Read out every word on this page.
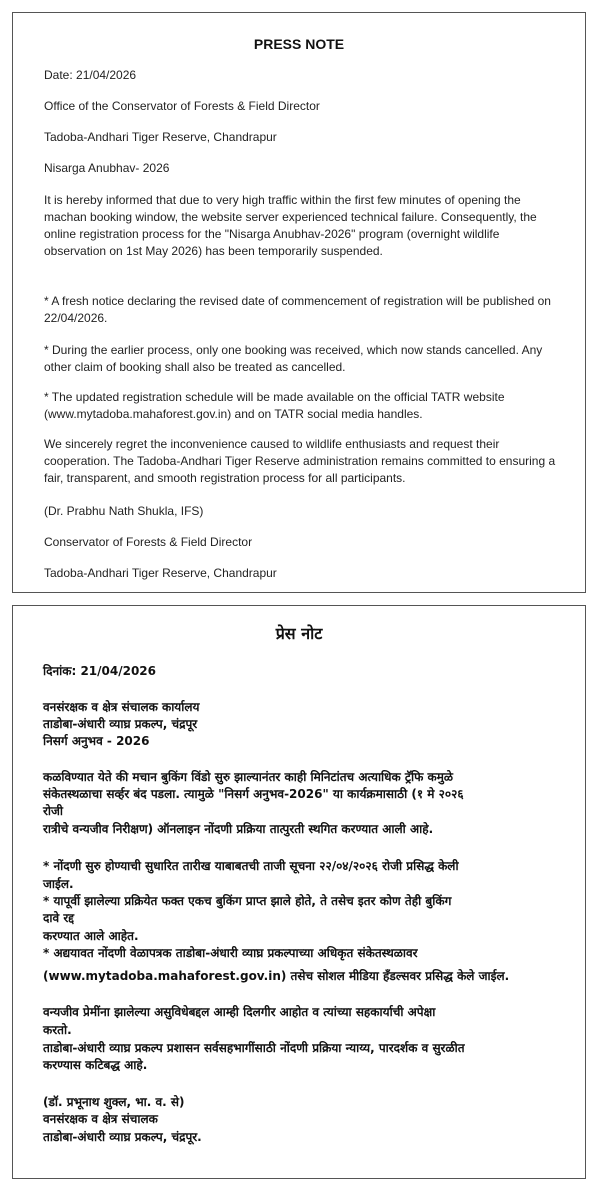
PRESS NOTE
Date: 21/04/2026
Office of the Conservator of Forests & Field Director
Tadoba-Andhari Tiger Reserve, Chandrapur
Nisarga Anubhav- 2026
It is hereby informed that due to very high traffic within the first few minutes of opening the machan booking window, the website server experienced technical failure. Consequently, the online registration process for the "Nisarga Anubhav-2026" program (overnight wildlife observation on 1st May 2026) has been temporarily suspended.
* A fresh notice declaring the revised date of commencement of registration will be published on 22/04/2026.
* During the earlier process, only one booking was received, which now stands cancelled. Any other claim of booking shall also be treated as cancelled.
* The updated registration schedule will be made available on the official TATR website (www.mytadoba.mahaforest.gov.in) and on TATR social media handles.
We sincerely regret the inconvenience caused to wildlife enthusiasts and request their cooperation. The Tadoba-Andhari Tiger Reserve administration remains committed to ensuring a fair, transparent, and smooth registration process for all participants.
(Dr. Prabhu Nath Shukla, IFS)
Conservator of Forests & Field Director
Tadoba-Andhari Tiger Reserve, Chandrapur
प्रेस नोट
दिनांक: 21/04/2026
वनसंरक्षक व क्षेत्र संचालक कार्यालय
ताडोबा-अंधारी व्याघ्र प्रकल्प, चंद्रपूर
निसर्ग अनुभव - 2026
कळविण्यात येते की मचान बुकिंग विंडो सुरु झाल्यानंतर काही मिनिटांतच अत्याधिक ट्रॅफि कमुळे
संकेतस्थळाचा सर्व्हर बंद पडला. त्यामुळे "निसर्ग अनुभव-2026" या कार्यक्रमासाठी (१ मे २०२६
रोजी
रात्रीचे वन्यजीव निरीक्षण) ऑनलाइन नोंदणी प्रक्रिया तात्पुरती स्थगित करण्यात आली आहे.
* नोंदणी सुरु होण्याची सुधारित तारीख याबाबतची ताजी सूचना २२/०४/२०२६ रोजी प्रसिद्ध केली
जाईल.
* यापूर्वी झालेल्या प्रक्रियेत फक्त एकच बुकिंग प्राप्त झाले होते, ते तसेच इतर कोण तेही बुकिंग
दावे रद्द
करण्यात आले आहेत.
* अद्ययावत नोंदणी वेळापत्रक ताडोबा-अंधारी व्याघ्र प्रकल्पाच्या अधिकृत संकेतस्थळावर
(www.mytadoba.mahaforest.gov.in) तसेच सोशल मीडिया हॅंडल्सवर प्रसिद्ध केले जाईल.
वन्यजीव प्रेमींना झालेल्या असुविधेबद्दल आम्ही दिलगीर आहोत व त्यांच्या सहकार्याची अपेक्षा
करतो.
ताडोबा-अंधारी व्याघ्र प्रकल्प प्रशासन सर्वसहभागींसाठी नोंदणी प्रक्रिया न्याय्य, पारदर्शक व सुरळीत
करण्यास कटिबद्ध आहे.
(डॉ. प्रभूनाथ शुक्ल, भा. व. से)
वनसंरक्षक व क्षेत्र संचालक
ताडोबा-अंधारी व्याघ्र प्रकल्प, चंद्रपूर.
